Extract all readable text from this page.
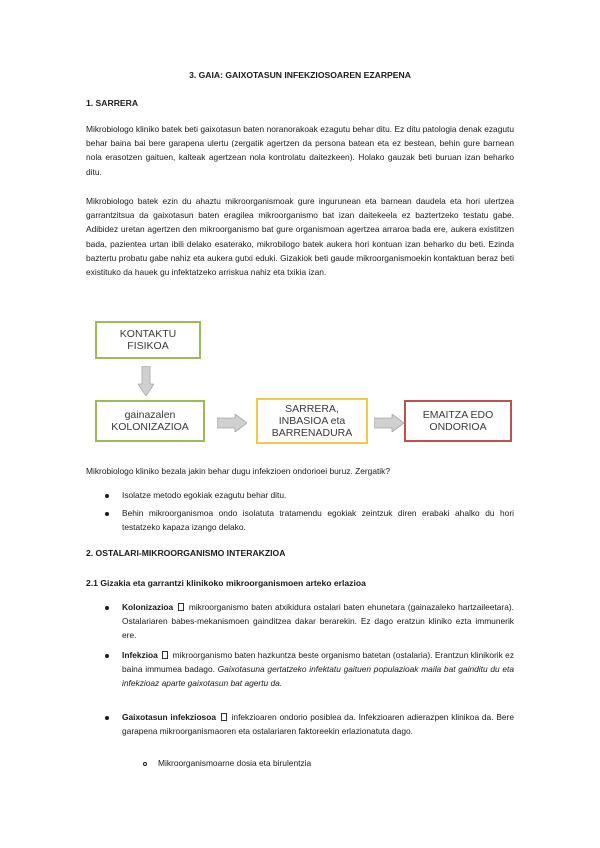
3. GAIA: GAIXOTASUN INFEKZIOSOAREN EZARPENA
1. SARRERA

Mikrobiologo kliniko batek beti gaixotasun baten noranorakoak ezagutu behar ditu. Ez ditu patologia denak ezagutu behar baina bai bere garapena ulertu (zergatik agertzen da persona batean eta ez bestean, behin gure barnean nola erasotzen gaituen, kalteak agertzean nola kontrolatu daitezkeen). Holako gauzak beti buruan izan beharko ditu.

Mikrobiologo batek ezin du ahaztu mikroorganismoak gure ingurunean eta barnean daudela eta hori ulertzea garrantzitsua da gaixotasun baten eragilea mikroorganismo bat izan daitekeela ez baztertzeko testatu gabe. Adibidez uretan agertzen den mikroorganismo bat gure organismoan agertzea arraroa bada ere, aukera existitzen bada, pazientea urtan ibili delako esaterako, mikrobilogo batek aukera hori kontuan izan beharko du beti. Ezinda baztertu probatu gabe nahiz eta aukera gutxi eduki. Gizakiok beti gaude mikroorganismoekin kontaktuan beraz beti existituko da hauek gu infektatzeko arriskua nahiz eta txikia izan.

KONTAKTU
FISIKOA
gainazalen
KOLONIZAZIOA
SARRERA,
INBASIOA eta
BARRENADURA
EMAITZA EDO
ONDORIOA
Mikrobiologo kliniko bezala jakin behar dugu infekzioen ondorioei buruz. Zergatik?
Isolatze metodo egokiak ezagutu behar ditu.
Behin mikroorganismoa ondo isolatuta tratamendu egokiak zeintzuk diren erabaki ahalko du hori testatzeko kapaza izango delako.
2. OSTALARI-MIKROORGANISMO INTERAKZIOA
2.1 Gizakia eta garrantzi klinikoko mikroorganismoen arteko erlazioa
Kolonizazioa  mikroorganismo baten atxikidura ostalari baten ehunetara (gainazaleko hartzaileetara). Ostalariaren babes-mekanismoen gainditzea dakar berarekin. Ez dago eratzun kliniko ezta immunerik ere.
Infekzioa  mikroorganismo baten hazkuntza beste organismo batetan (ostalaria). Erantzun klinikorik ez baina immumea badago. Gaixotasuna gertatzeko infektatu gaituen populazioak maila bat gainditu du eta infekzioaz aparte gaixotasun bat agertu da.
Gaixotasun infekziosoa  infekzioaren ondorio posiblea da. Infekzioaren adierazpen klinikoa da. Bere garapena mikroorganismaoren eta ostalariaren faktoreekin erlazionatuta dago.
Mikroorganismoarne dosia eta birulentzia
